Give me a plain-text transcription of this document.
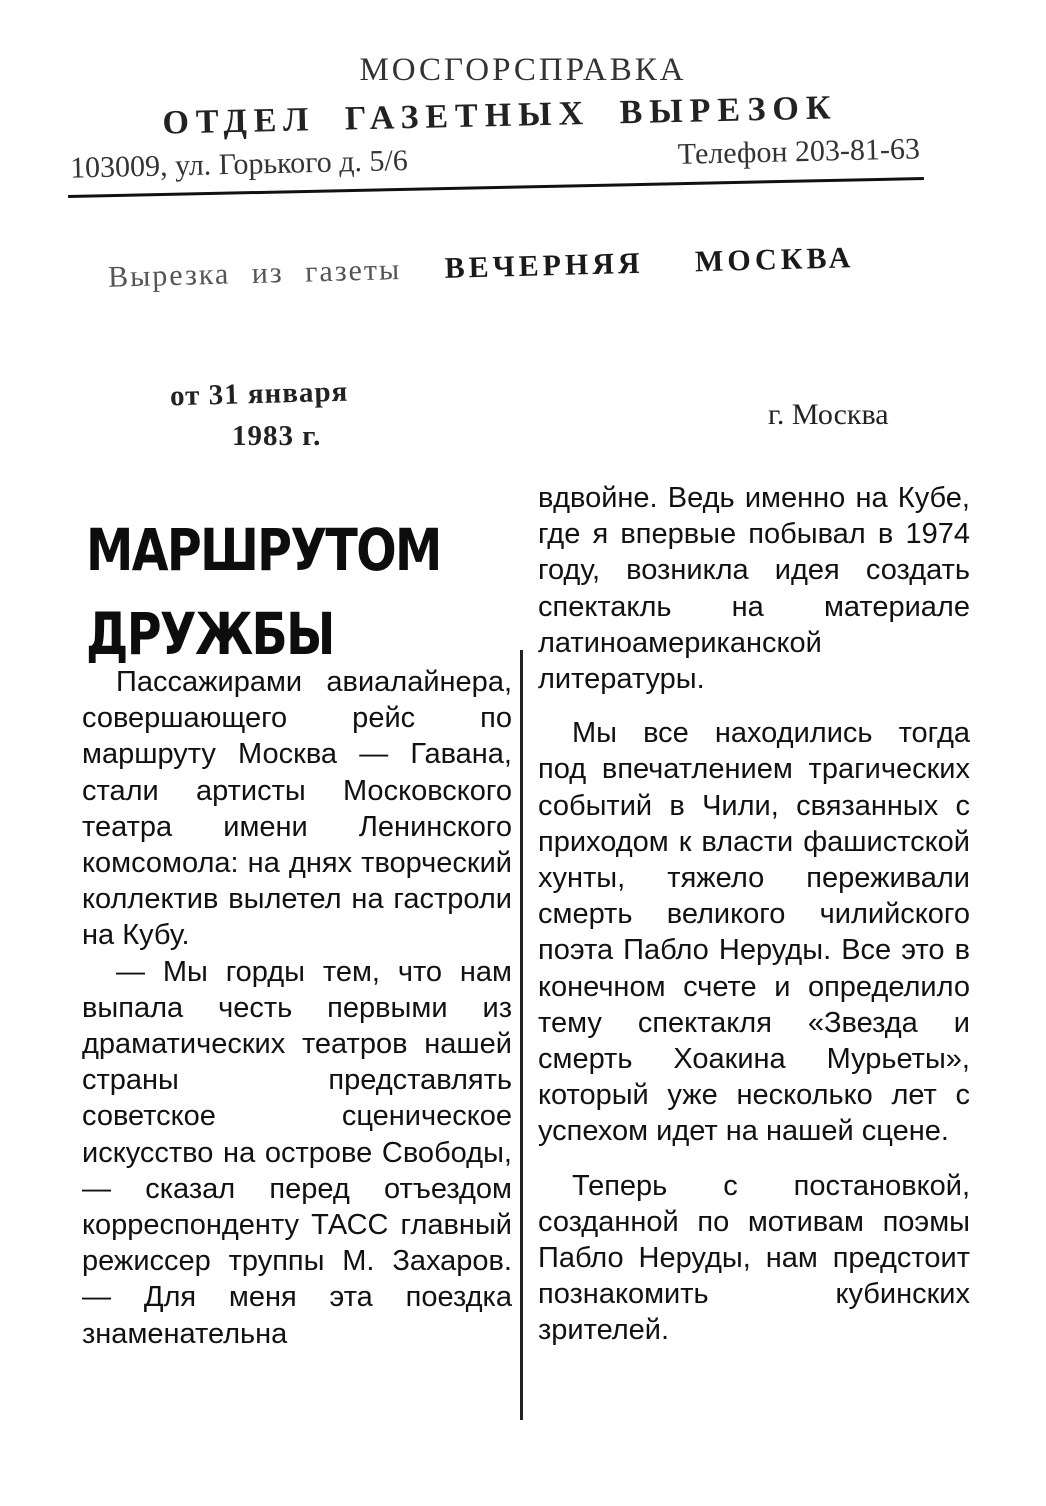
МОСГОРСПРАВКА
ОТДЕЛ ГАЗЕТНЫХ ВЫРЕЗОК
103009, ул. Горького д. 5/6	Телефон 203-81-63
Вырезка из газеты ВЕЧЕРНЯЯ МОСКВА
от 31 января
1983 г.
г. Москва
МАРШРУТОМ ДРУЖБЫ

Пассажирами авиалайнера, совершающего рейс по маршруту Москва — Гавана, стали артисты Московского театра имени Ленинского комсомола: на днях творческий коллектив вылетел на гастроли на Кубу.

— Мы горды тем, что нам выпала честь первыми из драматических театров нашей страны представлять советское сценическое искусство на острове Свободы, — сказал перед отъездом корреспонденту ТАСС главный режиссер труппы М. Захаров. — Для меня эта поездка знаменательна

вдвойне. Ведь именно на Кубе, где я впервые побывал в 1974 году, возникла идея создать спектакль на материале латиноамериканской литературы.

Мы все находились тогда под впечатлением трагических событий в Чили, связанных с приходом к власти фашистской хунты, тяжело переживали смерть великого чилийского поэта Пабло Неруды. Все это в конечном счете и определило тему спектакля «Звезда и смерть Хоакина Мурьеты», который уже несколько лет с успехом идет на нашей сцене.

Теперь с постановкой, созданной по мотивам поэмы Пабло Неруды, нам предстоит познакомить кубинских зрителей.
